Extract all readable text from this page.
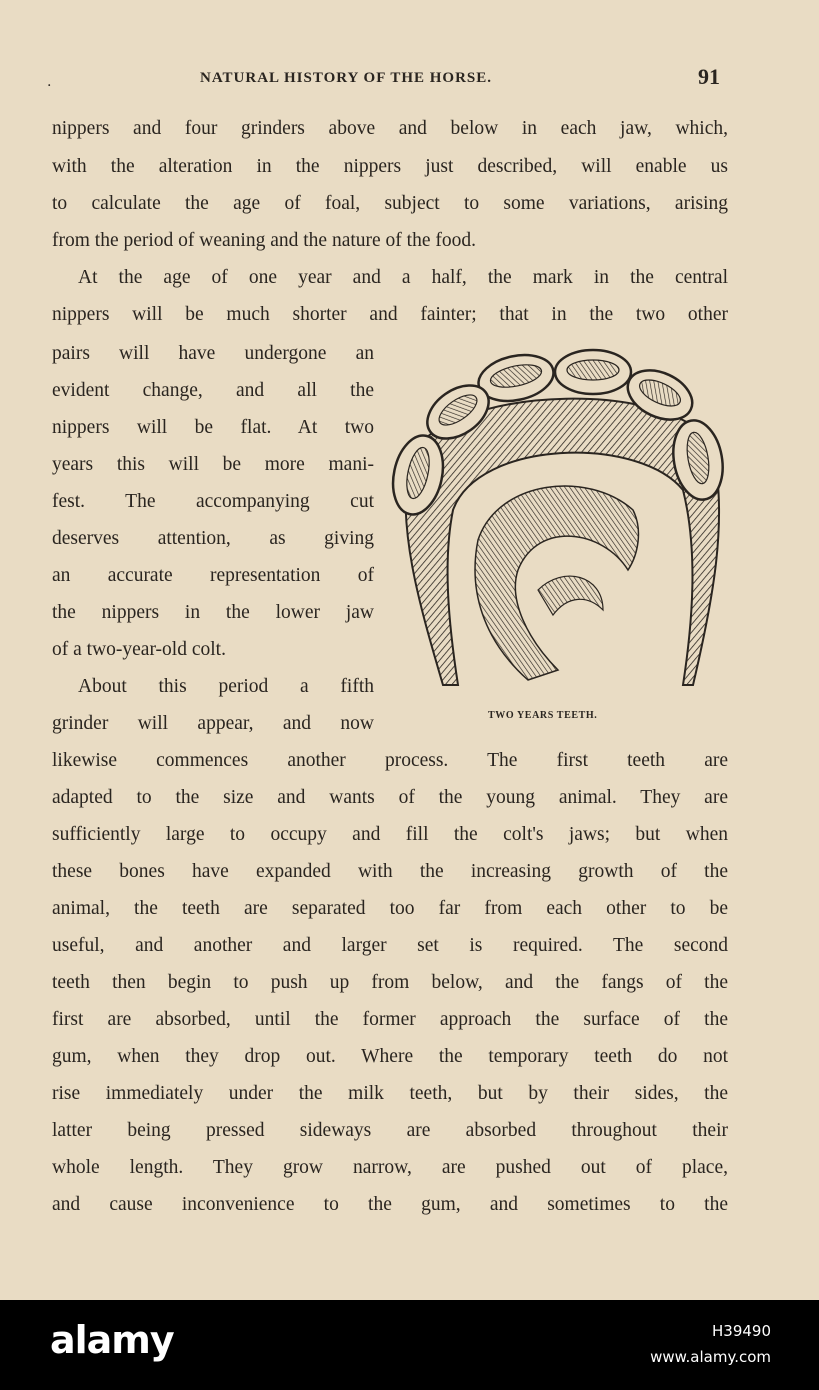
.	NATURAL HISTORY OF THE HORSE.	91
nippers and four grinders above and below in each jaw, which,
with the alteration in the nippers just described, will enable us
to calculate the age of foal, subject to some variations, arising
from the period of weaning and the nature of the food.
At the age of one year and a half, the mark in the central
nippers will be much shorter and fainter; that in the two other
pairs will have undergone an
evident change, and all the
nippers will be flat. At two
years this will be more mani-
fest. The accompanying cut
deserves attention, as giving
an accurate representation of
the nippers in the lower jaw
of a two-year-old colt.
About this period a fifth
grinder will appear, and now
likewise commences another process. The first teeth are
adapted to the size and wants of the young animal. They are
sufficiently large to occupy and fill the colt's jaws; but when
these bones have expanded with the increasing growth of the
animal, the teeth are separated too far from each other to be
useful, and another and larger set is required. The second
teeth then begin to push up from below, and the fangs of the
first are absorbed, until the former approach the surface of the
gum, when they drop out. Where the temporary teeth do not
rise immediately under the milk teeth, but by their sides, the
latter being pressed sideways are absorbed throughout their
whole length. They grow narrow, are pushed out of place,
and cause inconvenience to the gum, and sometimes to the
TWO YEARS TEETH.
alamy	H39490
www.alamy.com
